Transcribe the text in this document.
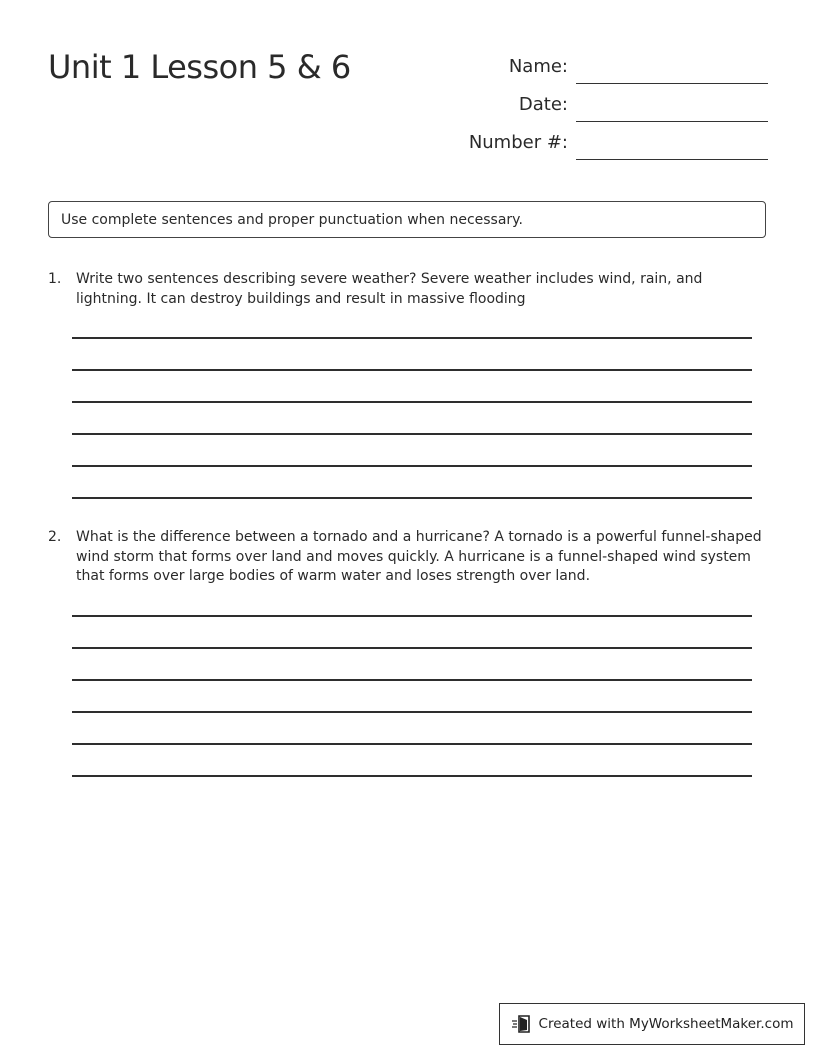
Unit 1 Lesson 5 & 6	Name:
Date:
Number #:
Use complete sentences and proper punctuation when necessary.
1. Write two sentences describing severe weather? Severe weather includes wind, rain, and lightning. It can destroy buildings and result in massive flooding
2. What is the difference between a tornado and a hurricane? A tornado is a powerful funnel-shaped wind storm that forms over land and moves quickly. A hurricane is a funnel-shaped wind system that forms over large bodies of warm water and loses strength over land.
Created with MyWorksheetMaker.com
